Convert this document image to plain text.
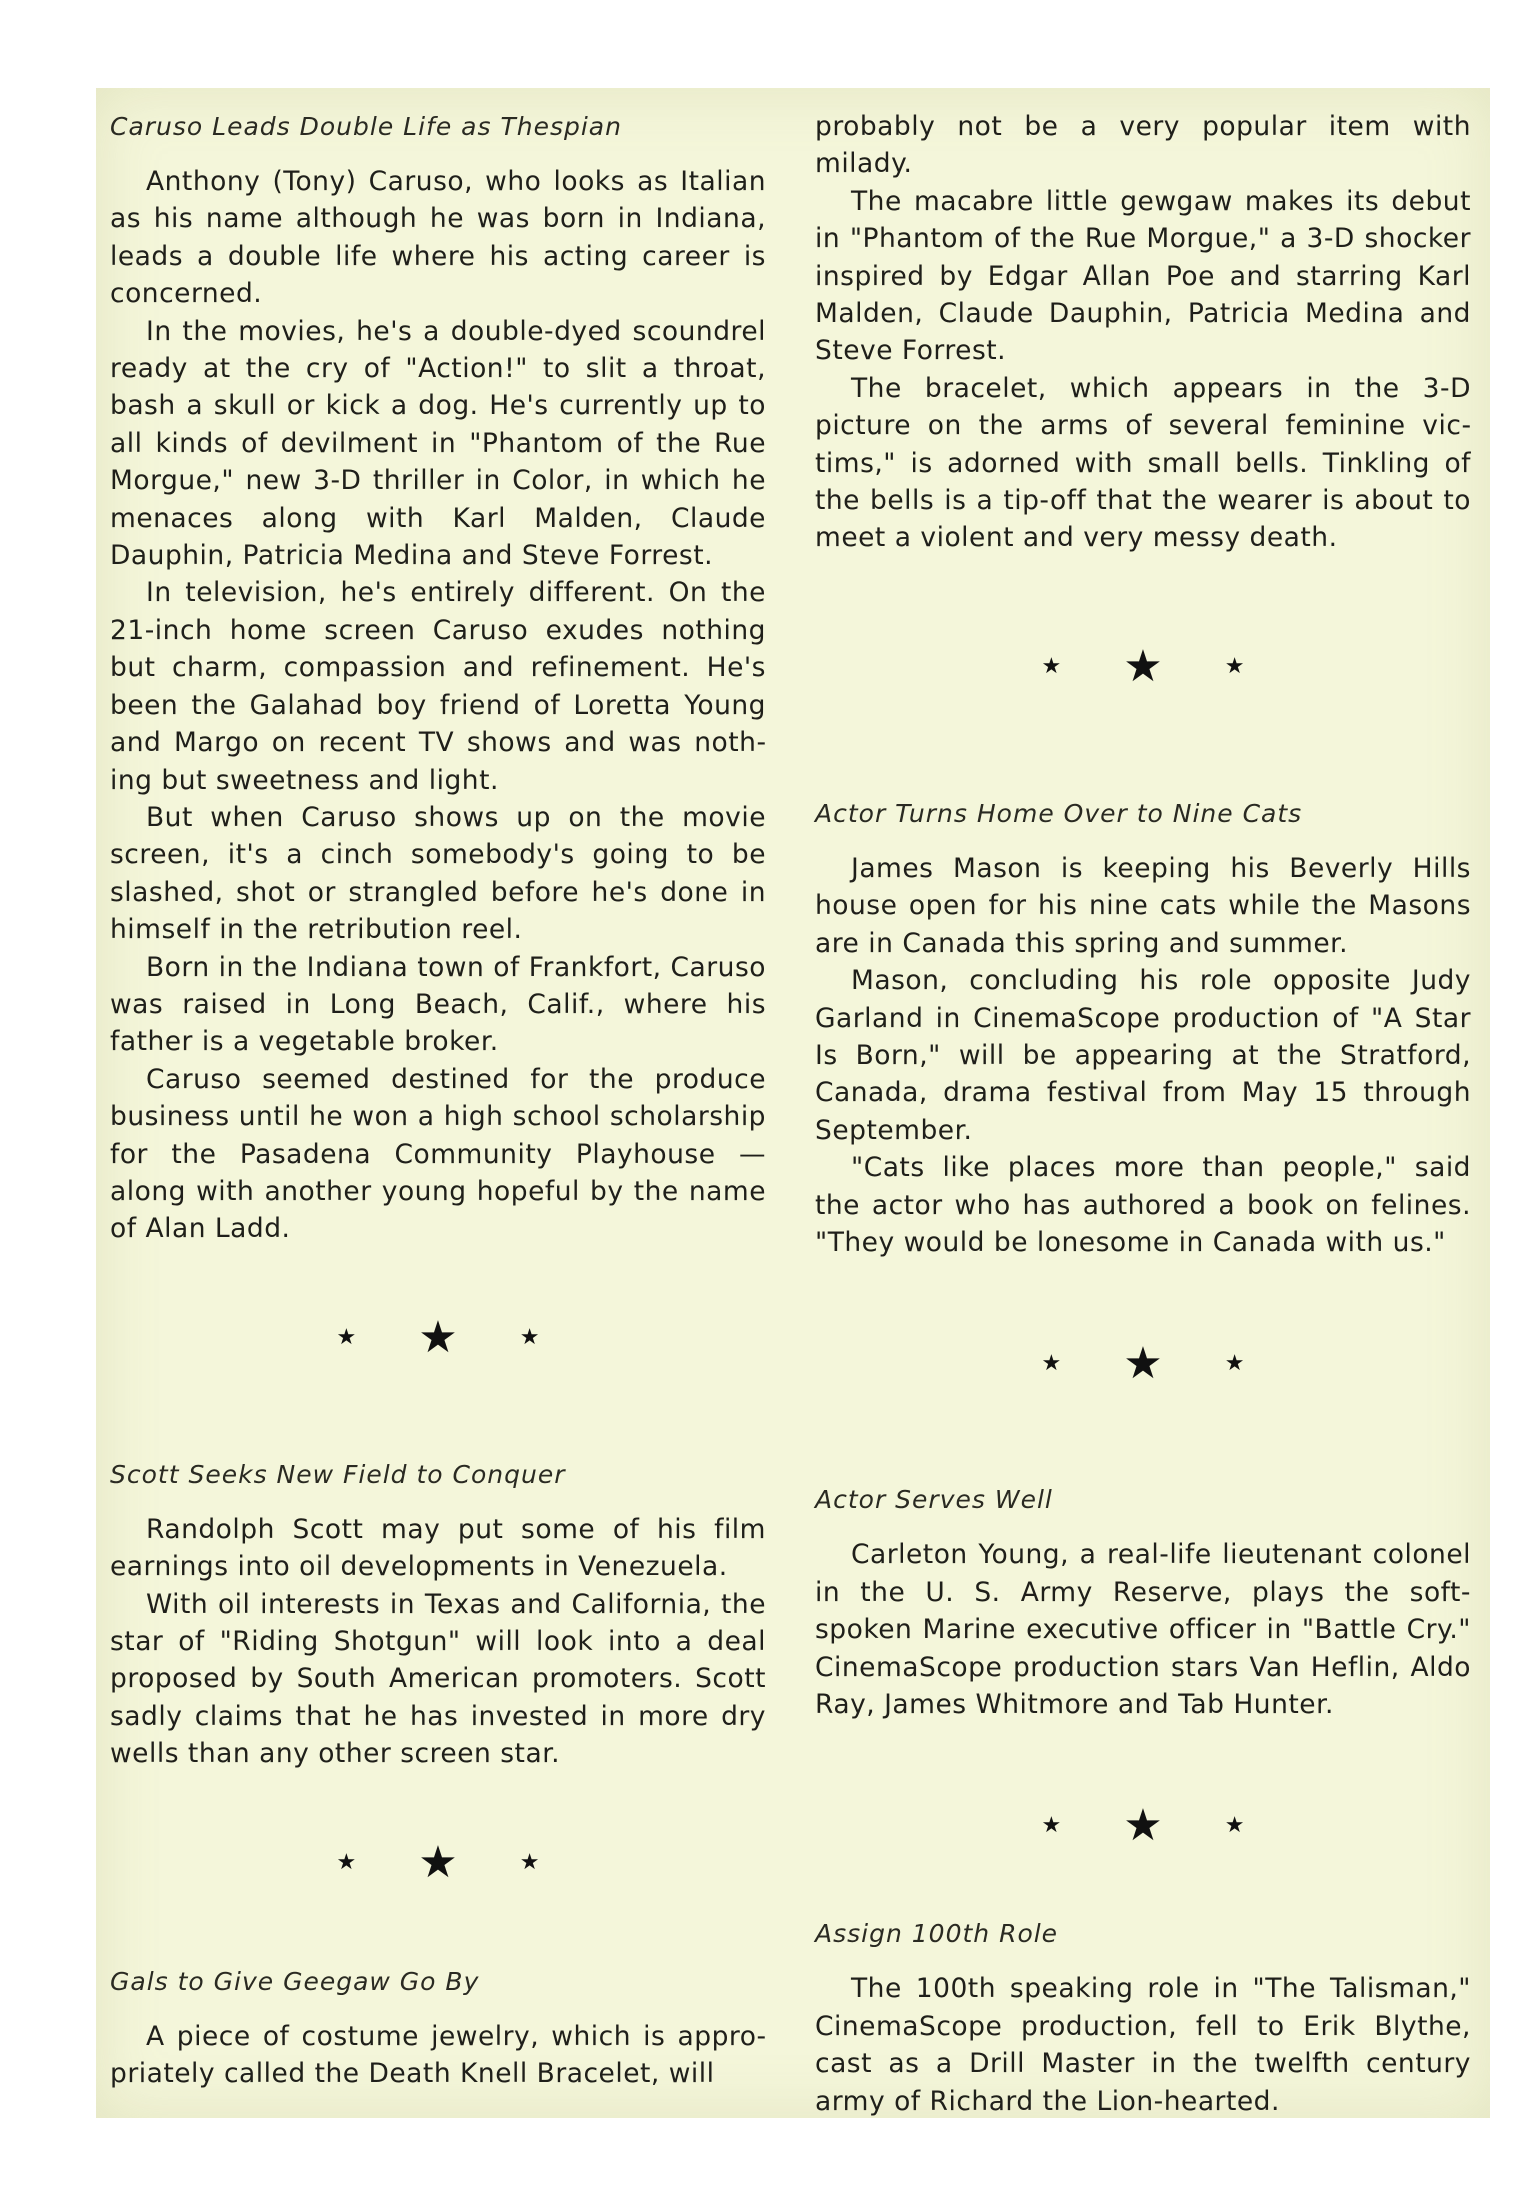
Caruso Leads Double Life as Thespian

Anthony (Tony) Caruso, who looks as Italian as his name although he was born in Indiana, leads a double life where his acting career is concerned.

In the movies, he's a double-dyed scoundrel ready at the cry of "Action!" to slit a throat, bash a skull or kick a dog. He's currently up to all kinds of devilment in "Phantom of the Rue Morgue," new 3-D thriller in Color, in which he menaces along with Karl Malden, Claude Dauphin, Patricia Medina and Steve Forrest.

In television, he's entirely different. On the 21-inch home screen Caruso exudes nothing but charm, compassion and refinement. He's been the Galahad boy friend of Loretta Young and Margo on recent TV shows and was nothing but sweetness and light.

But when Caruso shows up on the movie screen, it's a cinch somebody's going to be slashed, shot or strangled before he's done in himself in the retribution reel.

Born in the Indiana town of Frankfort, Caruso was raised in Long Beach, Calif., where his father is a vegetable broker.

Caruso seemed destined for the produce business until he won a high school scholarship for the Pasadena Community Playhouse — along with another young hopeful by the name of Alan Ladd.

★ ★	★
Scott Seeks New Field to Conquer

Randolph Scott may put some of his film earnings into oil developments in Venezuela.

With oil interests in Texas and California, the star of "Riding Shotgun" will look into a deal proposed by South American promoters. Scott sadly claims that he has invested in more dry wells than any other screen star.

★ ★	★
Gals to Give Geegaw Go By

A piece of costume jewelry, which is appropriately called the Death Knell Bracelet, will

probably not be a very popular item with milady.

The macabre little gewgaw makes its debut in "Phantom of the Rue Morgue," a 3-D shocker inspired by Edgar Allan Poe and starring Karl Malden, Claude Dauphin, Patricia Medina and Steve Forrest.

The bracelet, which appears in the 3-D picture on the arms of several feminine victims," is adorned with small bells. Tinkling of the bells is a tip-off that the wearer is about to meet a violent and very messy death.

★ ★	★
Actor Turns Home Over to Nine Cats

James Mason is keeping his Beverly Hills house open for his nine cats while the Masons are in Canada this spring and summer.

Mason, concluding his role opposite Judy Garland in CinemaScope production of "A Star Is Born," will be appearing at the Stratford, Canada, drama festival from May 15 through September.

"Cats like places more than people," said the actor who has authored a book on felines. "They would be lonesome in Canada with us."

★ ★	★
Actor Serves Well

Carleton Young, a real-life lieutenant colonel in the U. S. Army Reserve, plays the soft-spoken Marine executive officer in "Battle Cry." CinemaScope production stars Van Heflin, Aldo Ray, James Whitmore and Tab Hunter.

★ ★	★
Assign 100th Role

The 100th speaking role in "The Talisman," CinemaScope production, fell to Erik Blythe, cast as a Drill Master in the twelfth century army of Richard the Lion-hearted.
